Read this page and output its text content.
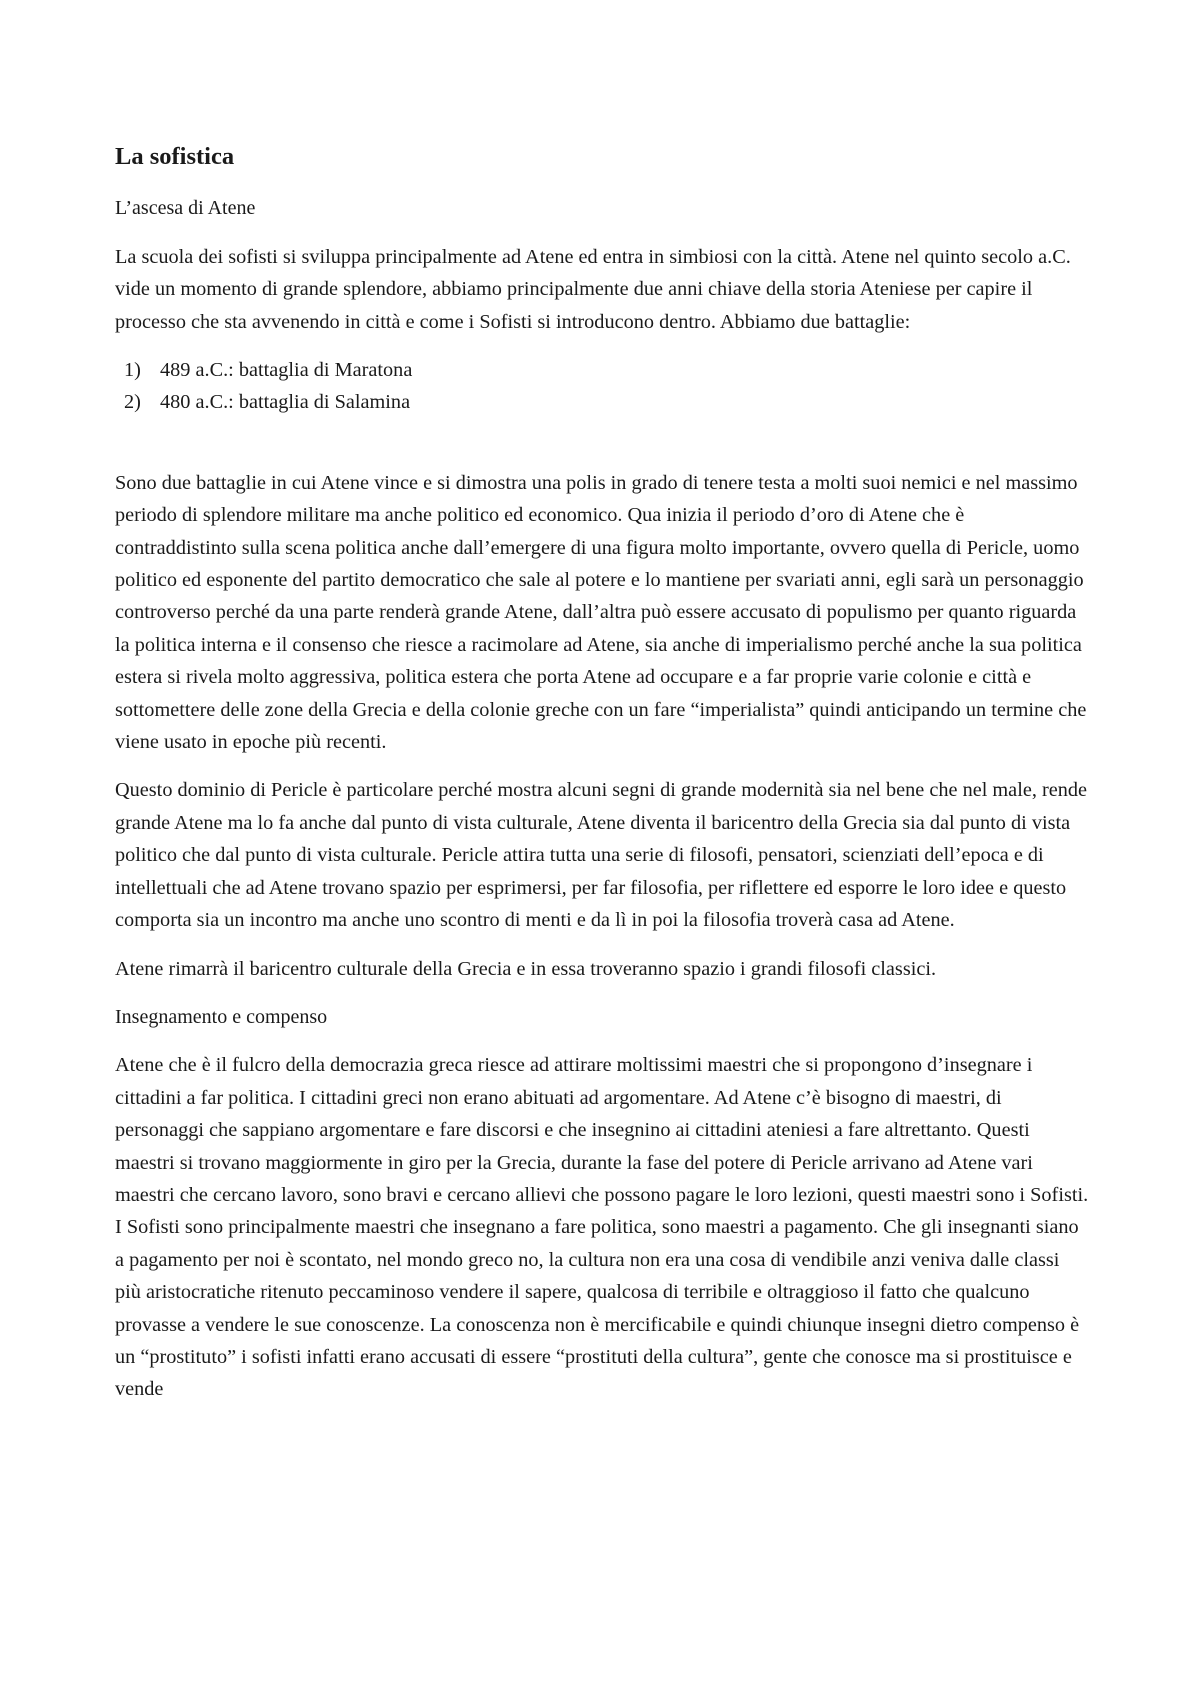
La sofistica
L’ascesa di Atene
La scuola dei sofisti si sviluppa principalmente ad Atene ed entra in simbiosi con la città. Atene nel quinto secolo a.C. vide un momento di grande splendore, abbiamo principalmente due anni chiave della storia Ateniese per capire il processo che sta avvenendo in città e come i Sofisti si introducono dentro. Abbiamo due battaglie:
1) 489 a.C.: battaglia di Maratona
2) 480 a.C.: battaglia di Salamina
Sono due battaglie in cui Atene vince e si dimostra una polis in grado di tenere testa a molti suoi nemici e nel massimo periodo di splendore militare ma anche politico ed economico. Qua inizia il periodo d’oro di Atene che è contraddistinto sulla scena politica anche dall’emergere di una figura molto importante, ovvero quella di Pericle, uomo politico ed esponente del partito democratico che sale al potere e lo mantiene per svariati anni, egli sarà un personaggio controverso perché da una parte renderà grande Atene, dall’altra può essere accusato di populismo per quanto riguarda la politica interna e il consenso che riesce a racimolare ad Atene, sia anche di imperialismo perché anche la sua politica estera si rivela molto aggressiva, politica estera che porta Atene ad occupare e a far proprie varie colonie e città e sottomettere delle zone della Grecia e della colonie greche con un fare “imperialista” quindi anticipando un termine che viene usato in epoche più recenti.
Questo dominio di Pericle è particolare perché mostra alcuni segni di grande modernità sia nel bene che nel male, rende grande Atene ma lo fa anche dal punto di vista culturale, Atene diventa il baricentro della Grecia sia dal punto di vista politico che dal punto di vista culturale. Pericle attira tutta una serie di filosofi, pensatori, scienziati dell’epoca e di intellettuali che ad Atene trovano spazio per esprimersi, per far filosofia, per riflettere ed esporre le loro idee e questo comporta sia un incontro ma anche uno scontro di menti e da lì in poi la filosofia troverà casa ad Atene.
Atene rimarrà il baricentro culturale della Grecia e in essa troveranno spazio i grandi filosofi classici.
Insegnamento e compenso
Atene che è il fulcro della democrazia greca riesce ad attirare moltissimi maestri che si propongono d’insegnare i cittadini a far politica. I cittadini greci non erano abituati ad argomentare. Ad Atene c’è bisogno di maestri, di personaggi che sappiano argomentare e fare discorsi e che insegnino ai cittadini ateniesi a fare altrettanto. Questi maestri si trovano maggiormente in giro per la Grecia, durante la fase del potere di Pericle arrivano ad Atene vari maestri che cercano lavoro, sono bravi e cercano allievi che possono pagare le loro lezioni, questi maestri sono i Sofisti. I Sofisti sono principalmente maestri che insegnano a fare politica, sono maestri a pagamento. Che gli insegnanti siano a pagamento per noi è scontato, nel mondo greco no, la cultura non era una cosa di vendibile anzi veniva dalle classi più aristocratiche ritenuto peccaminoso vendere il sapere, qualcosa di terribile e oltraggioso il fatto che qualcuno provasse a vendere le sue conoscenze. La conoscenza non è mercificabile e quindi chiunque insegni dietro compenso è un “prostituto” i sofisti infatti erano accusati di essere “prostituti della cultura”, gente che conosce ma si prostituisce e vende
